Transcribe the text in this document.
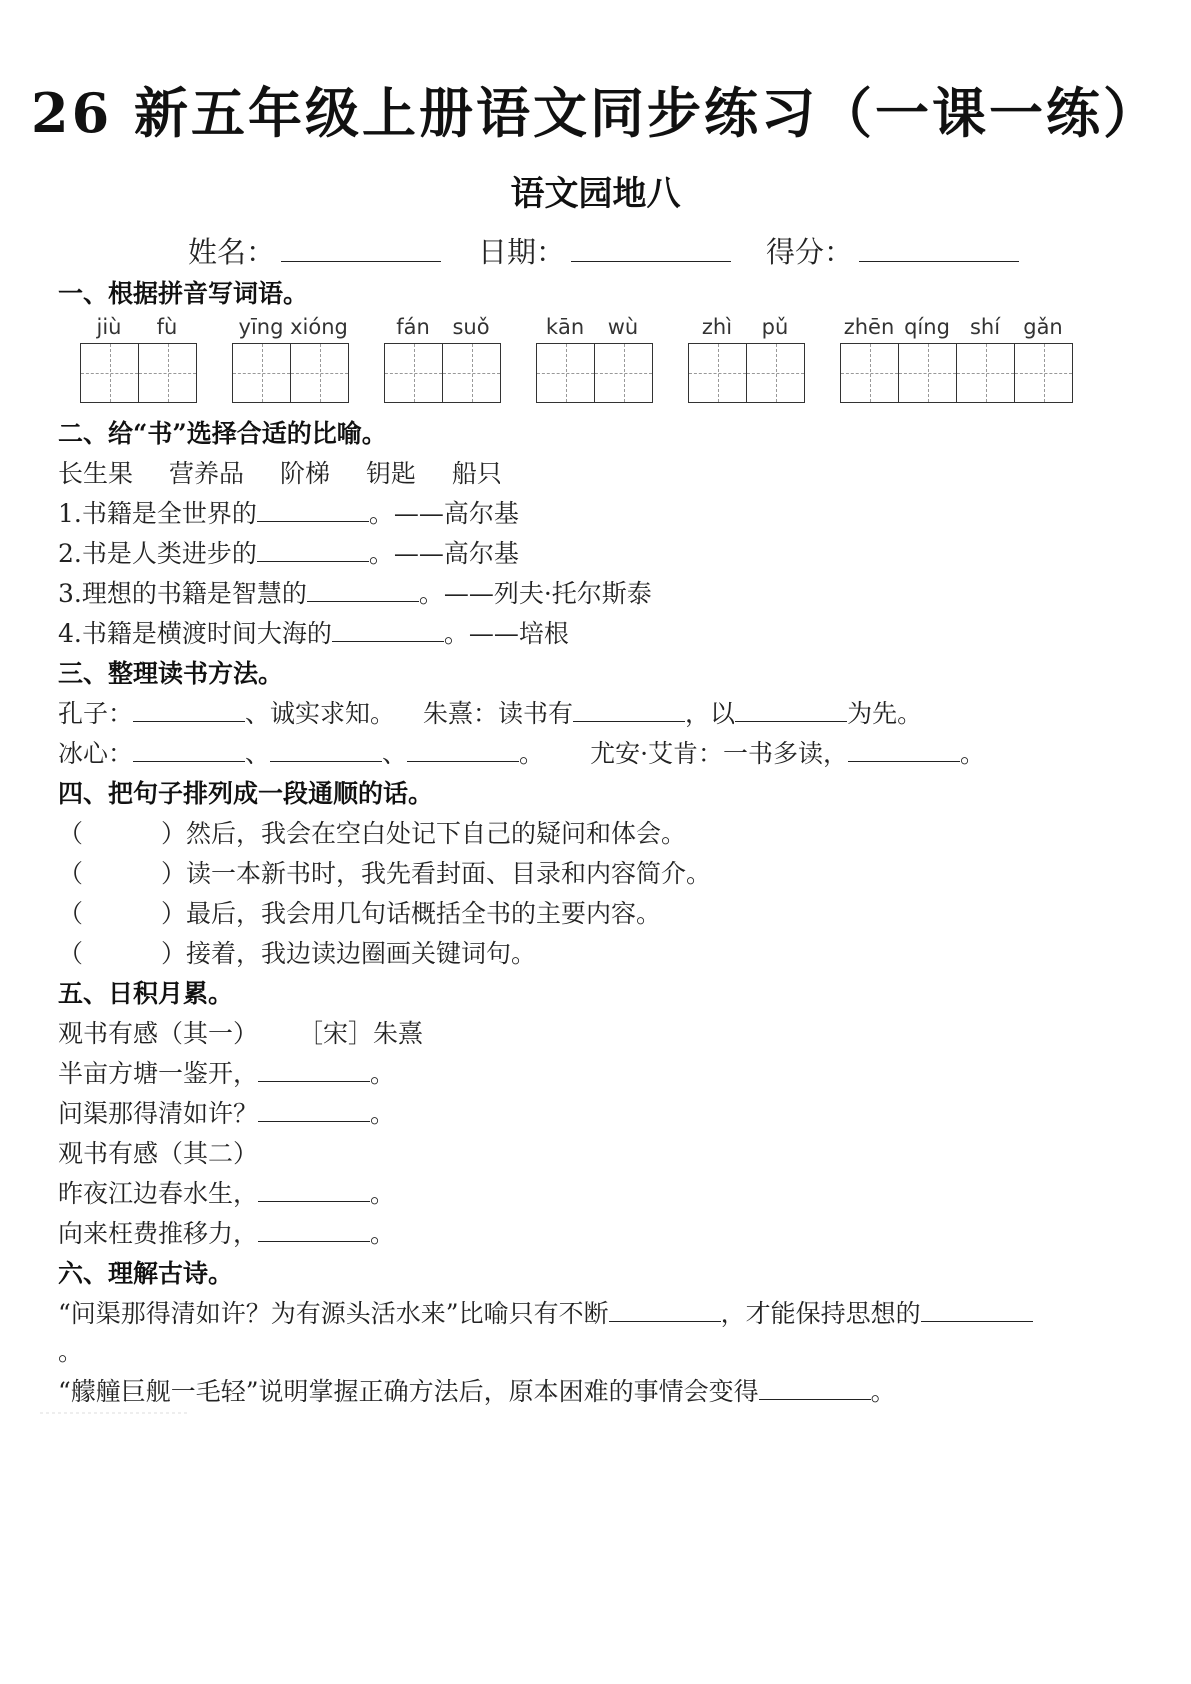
26 新五年级上册语文同步练习（一课一练）
语文园地八
姓名：	日期：	得分：
一、根据拼音写词语。
jiù	fù	yīng xióng	fán	suǒ	kān	wù	zhì	pǔ	zhēn qíng shí	gǎn
二、给“书”选择合适的比喻。
长生果 营养品 阶梯 钥匙 船只
1.书籍是全世界的	。——高尔基
2.书是人类进步的	。——高尔基
3.理想的书籍是智慧的	。——列夫·托尔斯泰
4.书籍是横渡时间大海的	。——培根
三、整理读书方法。
孔子：	、诚实求知。 朱熹：读书有	，以	为先。
冰心：	、	、	。 尤安·艾肯：一书多读，	。
四、把句子排列成一段通顺的话。
（	）然后，我会在空白处记下自己的疑问和体会。
（	）读一本新书时，我先看封面、目录和内容简介。
（	）最后，我会用几句话概括全书的主要内容。
（	）接着，我边读边圈画关键词句。
五、日积月累。
观书有感（其一） ［宋］朱熹
半亩方塘一鉴开，	。
问渠那得清如许？	。
观书有感（其二）
昨夜江边春水生，	。
向来枉费推移力，	。
六、理解古诗。
“问渠那得清如许？为有源头活水来”比喻只有不断	，才能保持思想的
。
“艨艟巨舰一毛轻”说明掌握正确方法后，原本困难的事情会变得	。
